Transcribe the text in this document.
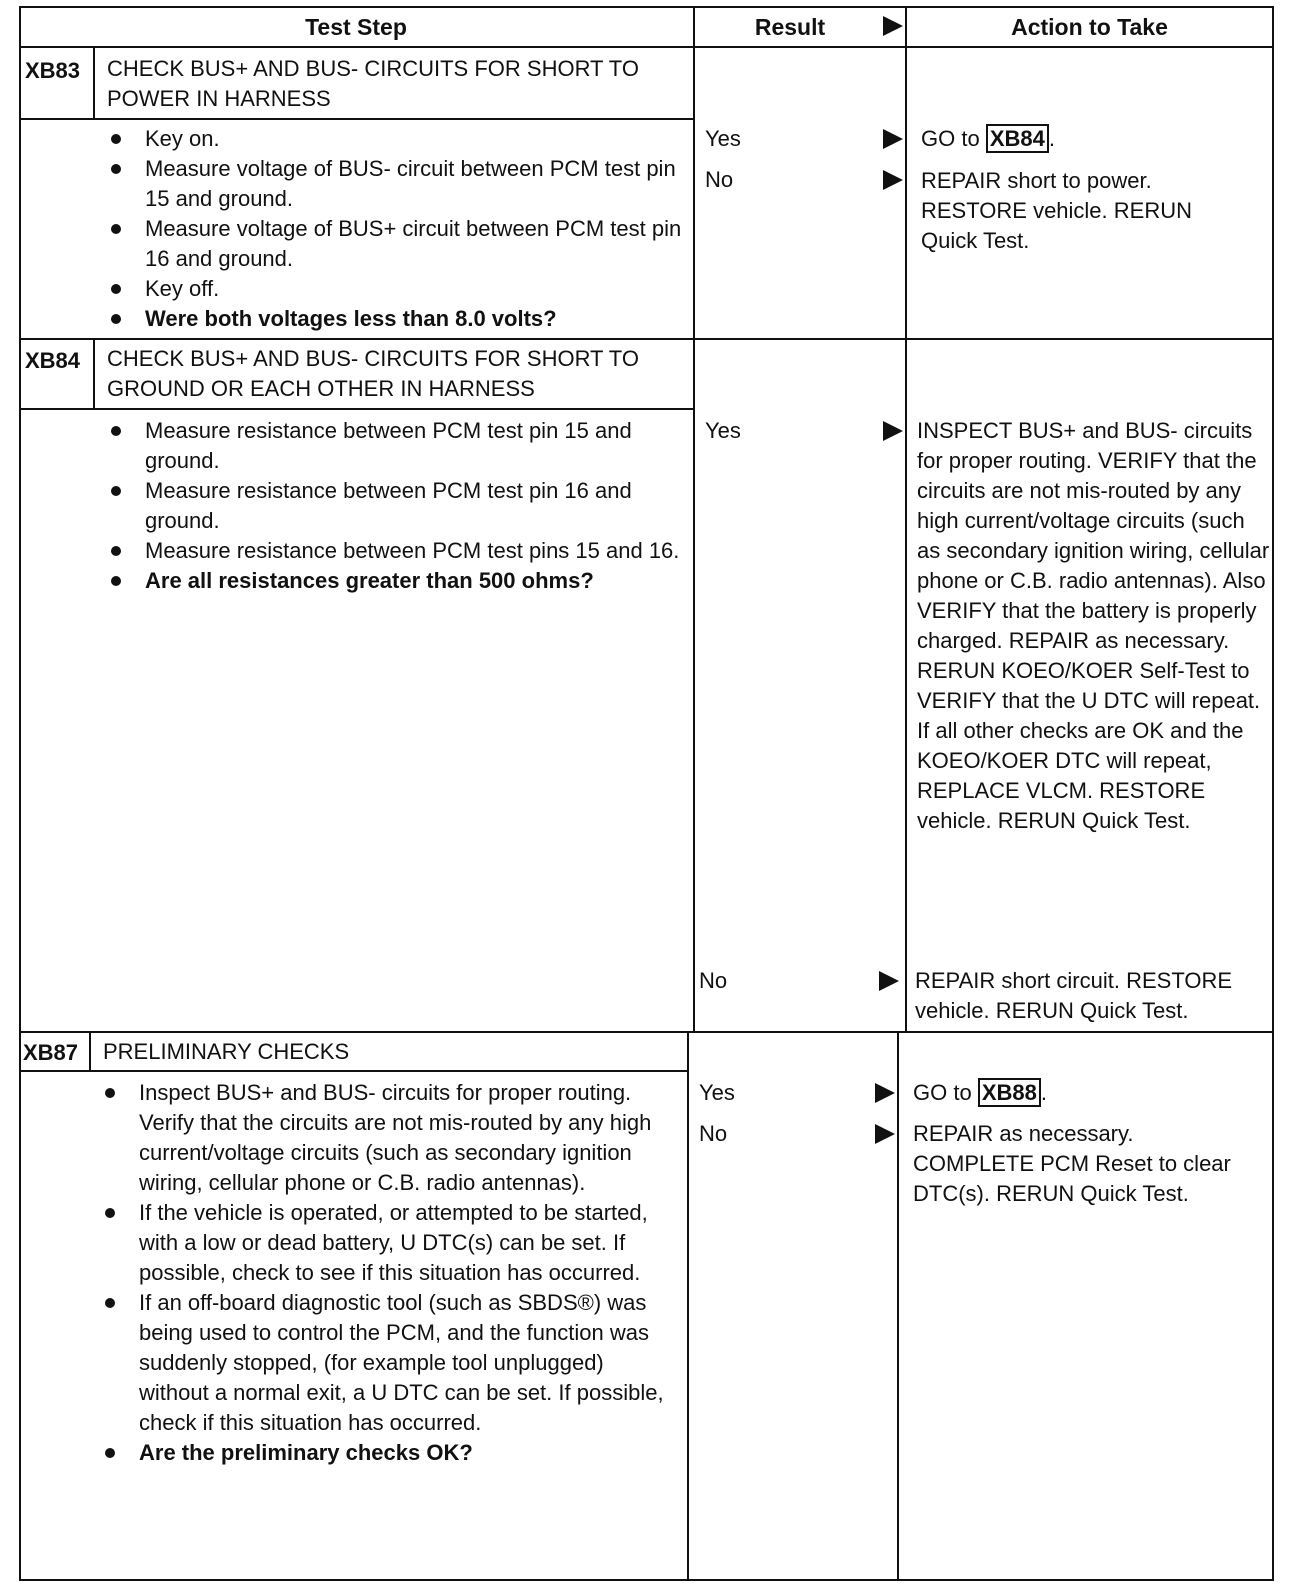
Test Step	Result	Action to Take
XB83 CHECK BUS+ AND BUS- CIRCUITS FOR SHORT TO POWER IN HARNESS
Key on.
Measure voltage of BUS- circuit between PCM test pin 15 and ground.
Measure voltage of BUS+ circuit between PCM test pin 16 and ground.
Key off.
Were both voltages less than 8.0 volts?
Yes	GO to XB84 .
No	REPAIR short to power. RESTORE vehicle. RERUN Quick Test.
XB84 CHECK BUS+ AND BUS- CIRCUITS FOR SHORT TO GROUND OR EACH OTHER IN HARNESS
Measure resistance between PCM test pin 15 and ground.
Measure resistance between PCM test pin 16 and ground.
Measure resistance between PCM test pins 15 and 16.
Are all resistances greater than 500 ohms?
Yes	INSPECT BUS+ and BUS- circuits for proper routing. VERIFY that the circuits are not mis-routed by any high current/voltage circuits (such as secondary ignition wiring, cellular phone or C.B. radio antennas). Also VERIFY that the battery is properly charged. REPAIR as necessary. RERUN KOEO/KOER Self-Test to VERIFY that the U DTC will repeat. If all other checks are OK and the KOEO/KOER DTC will repeat, REPLACE VLCM. RESTORE vehicle. RERUN Quick Test.
No	REPAIR short circuit. RESTORE vehicle. RERUN Quick Test.
XB87 PRELIMINARY CHECKS
Inspect BUS+ and BUS- circuits for proper routing. Verify that the circuits are not mis-routed by any high current/voltage circuits (such as secondary ignition wiring, cellular phone or C.B. radio antennas).
If the vehicle is operated, or attempted to be started, with a low or dead battery, U DTC(s) can be set. If possible, check to see if this situation has occurred.
If an off-board diagnostic tool (such as SBDS®) was being used to control the PCM, and the function was suddenly stopped, (for example tool unplugged) without a normal exit, a U DTC can be set. If possible, check if this situation has occurred.
Are the preliminary checks OK?
Yes	GO to XB88 .
No	REPAIR as necessary. COMPLETE PCM Reset to clear DTC(s). RERUN Quick Test.
